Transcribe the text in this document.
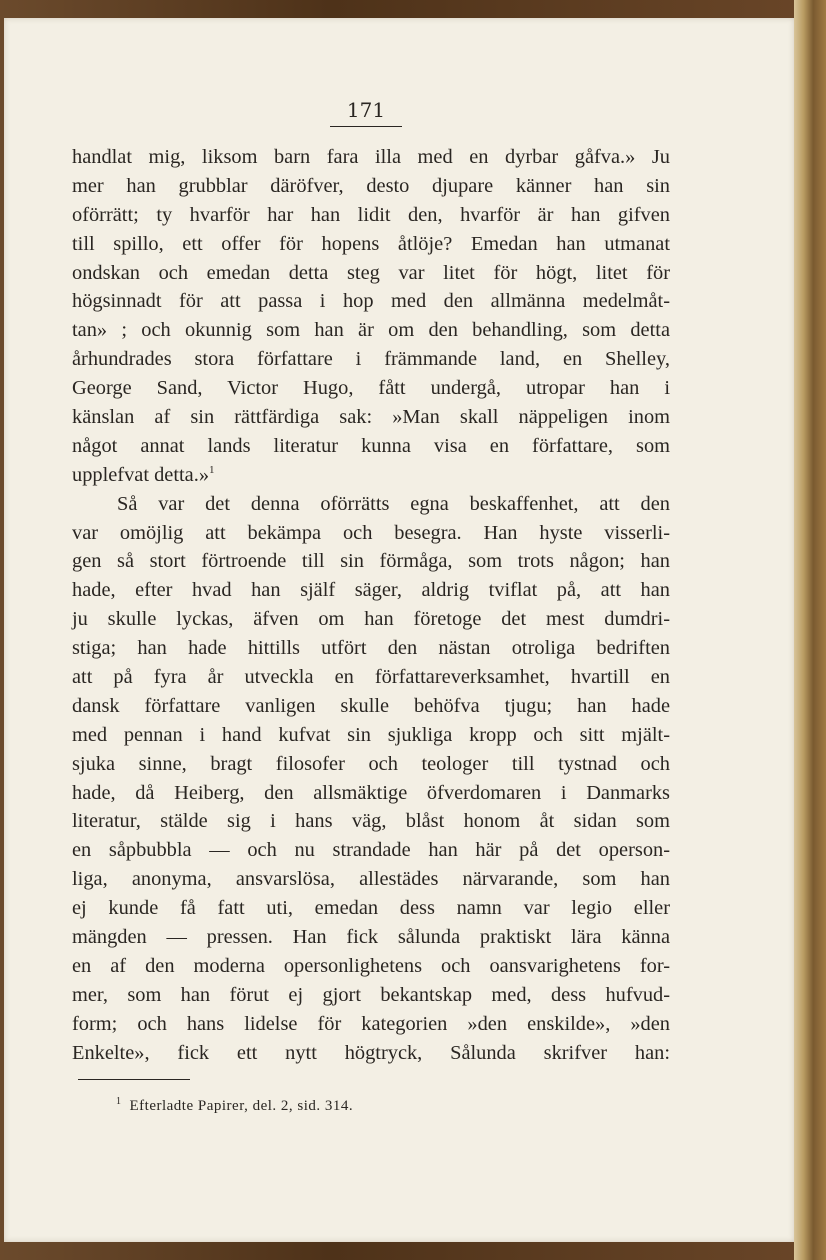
171
handlat mig, liksom barn fara illa med en dyrbar gåfva.» Ju
mer han grubblar däröfver, desto djupare känner han sin
oförrätt; ty hvarför har han lidit den, hvarför är han gifven
till spillo, ett offer för hopens åtlöje? Emedan han utmanat
ondskan och emedan detta steg var litet för högt, litet för
högsinnadt för att passa i hop med den allmänna medelmåt-
tan» ; och okunnig som han är om den behandling, som detta
århundrades stora författare i främmande land, en Shelley,
George Sand, Victor Hugo, fått undergå, utropar han i
känslan af sin rättfärdiga sak: »Man skall näppeligen inom
något annat lands literatur kunna visa en författare, som
upplefvat detta.»$^1$
Så var det denna oförrätts egna beskaffenhet, att den
var omöjlig att bekämpa och besegra. Han hyste visserli-
gen så stort förtroende till sin förmåga, som trots någon; han
hade, efter hvad han själf säger, aldrig tviflat på, att han
ju skulle lyckas, äfven om han företoge det mest dumdri-
stiga; han hade hittills utfört den nästan otroliga bedriften
att på fyra år utveckla en författareverksamhet, hvartill en
dansk författare vanligen skulle behöfva tjugu; han hade
med pennan i hand kufvat sin sjukliga kropp och sitt mjält-
sjuka sinne, bragt filosofer och teologer till tystnad och
hade, då Heiberg, den allsmäktige öfverdomaren i Danmarks
literatur, stälde sig i hans väg, blåst honom åt sidan som
en såpbubbla — och nu strandade han här på det operson-
liga, anonyma, ansvarslösa, allestädes närvarande, som han
ej kunde få fatt uti, emedan dess namn var legio eller
mängden — pressen. Han fick sålunda praktiskt lära känna
en af den moderna opersonlighetens och oansvarighetens for-
mer, som han förut ej gjort bekantskap med, dess hufvud-
form; och hans lidelse för kategorien »den enskilde», »den
Enkelte», fick ett nytt högtryck, Sålunda skrifver han:
$^1$ Efterladte Papirer, del. 2, sid. 314.
